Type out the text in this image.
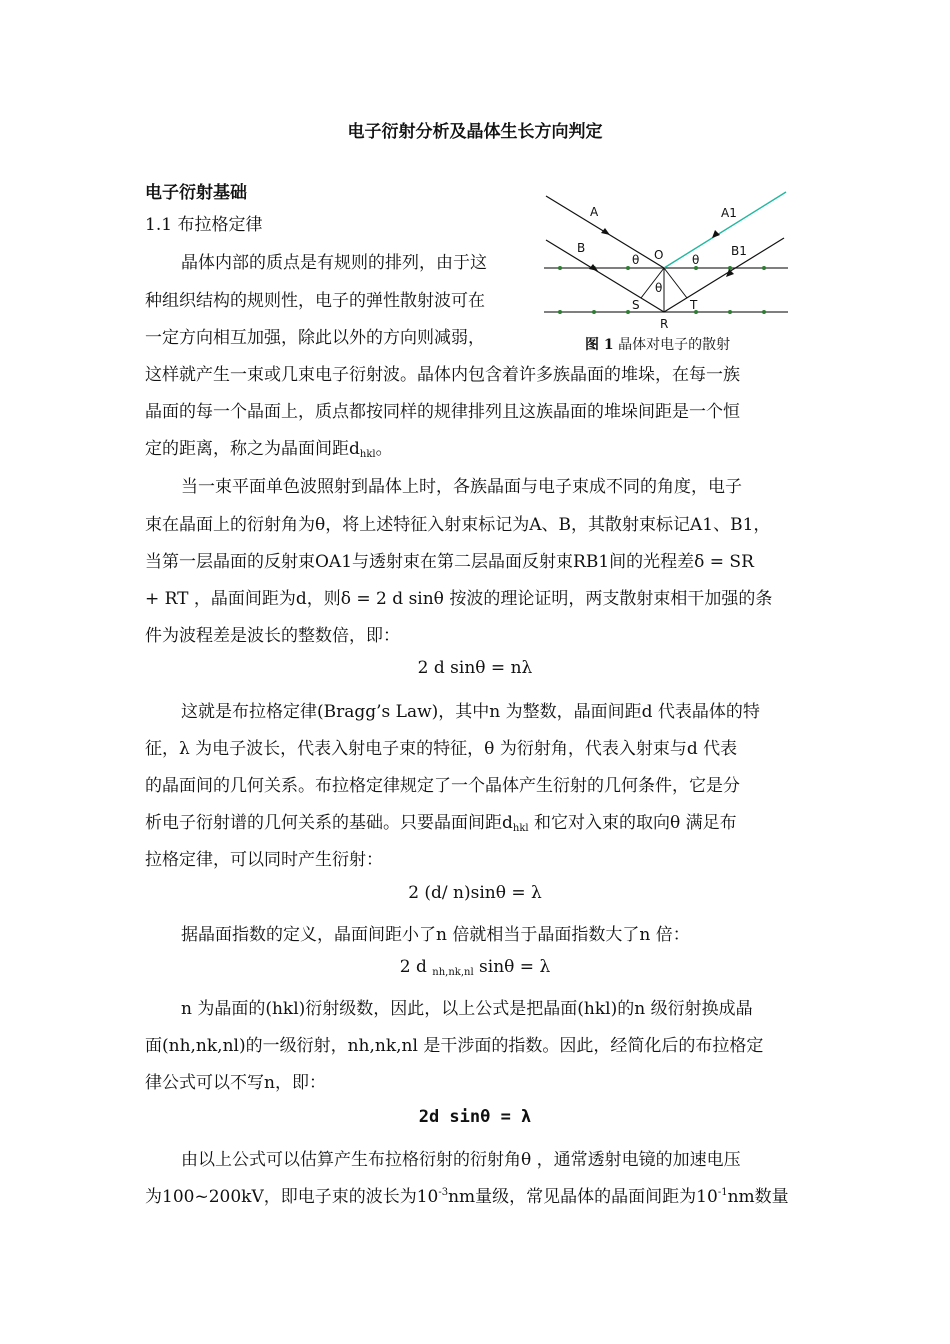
电子衍射分析及晶体生长方向判定
电子衍射基础
1.1 布拉格定律
A	A1
B	B1
O
θ	θ
θ
S	T
R
图 1 晶体对电子的散射
晶体内部的质点是有规则的排列，由于这
种组织结构的规则性，电子的弹性散射波可在
一定方向相互加强，除此以外的方向则减弱，
这样就产生一束或几束电子衍射波。晶体内包含着许多族晶面的堆垛，在每一族
晶面的每一个晶面上，质点都按同样的规律排列且这族晶面的堆垛间距是一个恒
定的距离，称之为晶面间距$d_{hkl}$。
当一束平面单色波照射到晶体上时，各族晶面与电子束成不同的角度，电子
束在晶面上的衍射角为θ，将上述特征入射束标记为A、B，其散射束标记A1、B1，
当第一层晶面的反射束OA1与透射束在第二层晶面反射束RB1间的光程差δ = SR
+ RT ，晶面间距为d，则δ = 2 d sinθ 按波的理论证明，两支散射束相干加强的条
件为波程差是波长的整数倍，即：
2 d sinθ = nλ
这就是布拉格定律(Bragg’s Law)，其中n 为整数，晶面间距d 代表晶体的特
征，λ 为电子波长，代表入射电子束的特征，θ 为衍射角，代表入射束与d 代表
的晶面间的几何关系。布拉格定律规定了一个晶体产生衍射的几何条件，它是分
析电子衍射谱的几何关系的基础。只要晶面间距$d_{hkl}$ 和它对入束的取向θ 满足布
拉格定律，可以同时产生衍射：
2 (d/ n)sinθ = λ
据晶面指数的定义，晶面间距小了n 倍就相当于晶面指数大了n 倍：
2 d $_{nh,nk,nl}$ sinθ = λ
n 为晶面的(hkl)衍射级数，因此，以上公式是把晶面(hkl)的n 级衍射换成晶
面(nh,nk,nl)的一级衍射，nh,nk,nl 是干涉面的指数。因此，经简化后的布拉格定
律公式可以不写n，即：
2d sinθ = λ
由以上公式可以估算产生布拉格衍射的衍射角θ ，通常透射电镜的加速电压
为100~200kV，即电子束的波长为$10^{-3}nm$量级，常见晶体的晶面间距为$10^{-1}nm$数量
